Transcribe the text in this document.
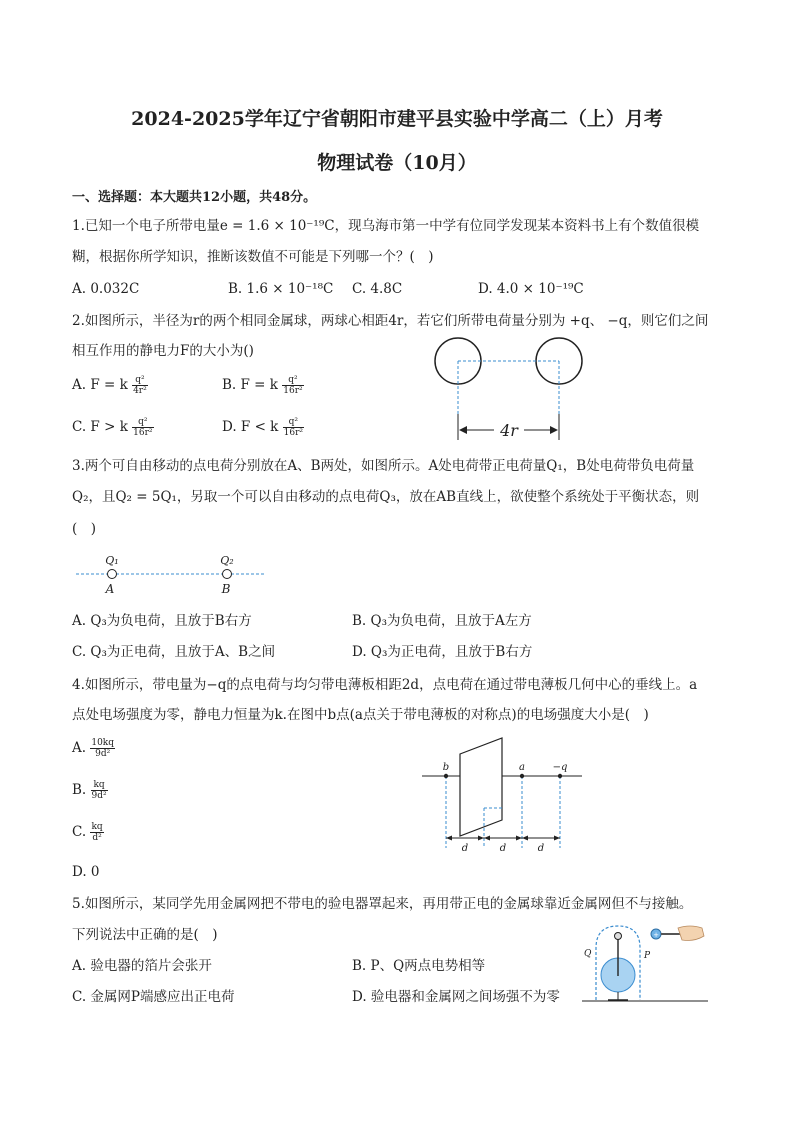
2024-2025学年辽宁省朝阳市建平县实验中学高二（上）月考
物理试卷（10月）
一、选择题：本大题共12小题，共48分。
1.已知一个电子所带电量e = 1.6 × 10⁻¹⁹C，现乌海市第一中学有位同学发现某本资料书上有个数值很模
糊，根据你所学知识，推断该数值不可能是下列哪一个？(　)
A. 0.032C	B. 1.6 × 10⁻¹⁸C C. 4.8C	D. 4.0 × 10⁻¹⁹C
2.如图所示，半径为r的两个相同金属球，两球心相距4r，若它们所带电荷量分别为 +q、 −q，则它们之间
相互作用的静电力F的大小为()
A. F = k $\frac{\text{q²}}{\text{4r²}}$	B. F = k $\frac{\text{q²}}{\text{16r²}}$
C. F > k $\frac{\text{q²}}{\text{16r²}}$	D. F < k $\frac{\text{q²}}{\text{16r²}}$	4r
3.两个可自由移动的点电荷分别放在A、B两处，如图所示。A处电荷带正电荷量Q₁，B处电荷带负电荷量
Q₂，且Q₂ = 5Q₁，另取一个可以自由移动的点电荷Q₃，放在AB直线上，欲使整个系统处于平衡状态，则
(　)
Q₁	Q₂
A	B
A. Q₃为负电荷，且放于B右方	B. Q₃为负电荷，且放于A左方
C. Q₃为正电荷，且放于A、B之间	D. Q₃为正电荷，且放于B右方
4.如图所示，带电量为−q的点电荷与均匀带电薄板相距2d，点电荷在通过带电薄板几何中心的垂线上。a
点处电场强度为零，静电力恒量为k.在图中b点(a点关于带电薄板的对称点)的电场强度大小是(　)
A. $\frac{10kq}{\text{9d²}}$
B. $\frac{kq}{\text{9d²}}$
C. $\frac{kq}{\text{d²}}$
D. 0
b	a	−q
d	d	d
5.如图所示，某同学先用金属网把不带电的验电器罩起来，再用带正电的金属球靠近金属网但不与接触。
下列说法中正确的是(　)
A. 验电器的箔片会张开	B. P、Q两点电势相等
C. 金属网P端感应出正电荷	D. 验电器和金属网之间场强不为零
+
Q	P
